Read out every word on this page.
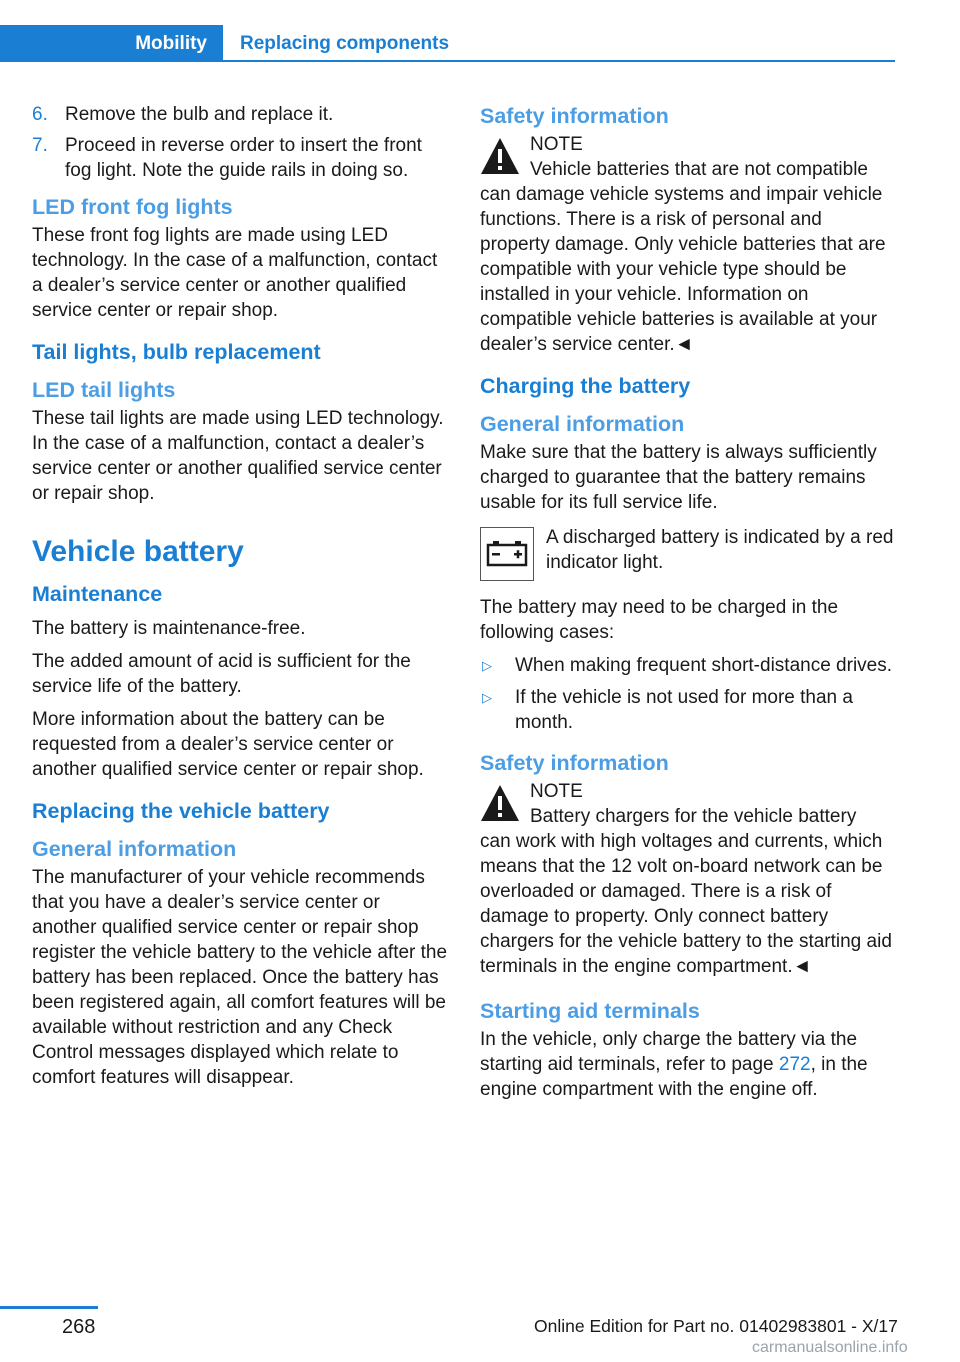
Mobility Replacing components
6. Remove the bulb and replace it.
7. Proceed in reverse order to insert the front fog light. Note the guide rails in doing so.
LED front fog lights

These front fog lights are made using LED technology. In the case of a malfunction, contact a dealer’s service center or another qualified service center or repair shop.

Tail lights, bulb replacement
LED tail lights

These tail lights are made using LED technology. In the case of a malfunction, contact a dealer’s service center or another qualified service center or repair shop.

Vehicle battery
Maintenance

The battery is maintenance-free.

The added amount of acid is sufficient for the service life of the battery.

More information about the battery can be requested from a dealer’s service center or another qualified service center or repair shop.

Replacing the vehicle battery
General information

The manufacturer of your vehicle recommends that you have a dealer’s service center or another qualified service center or repair shop register the vehicle battery to the vehicle after the battery has been replaced. Once the battery has been registered again, all comfort features will be available without restriction and any Check Control messages displayed which relate to comfort features will disappear.

Safety information
NOTE
Vehicle batteries that are not compatible

can damage vehicle systems and impair vehicle functions. There is a risk of personal and property damage. Only vehicle batteries that are compatible with your vehicle type should be installed in your vehicle. Information on compatible vehicle batteries is available at your dealer’s service center.◄

Charging the battery
General information

Make sure that the battery is always sufficiently charged to guarantee that the battery remains usable for its full service life.

A discharged battery is indicated by a red indicator light.

The battery may need to be charged in the following cases:

▷	When making frequent short-distance drives.
▷	If the vehicle is not used for more than a month.
Safety information
NOTE
Battery chargers for the vehicle battery

can work with high voltages and currents, which means that the 12 volt on-board network can be overloaded or damaged. There is a risk of damage to property. Only connect battery chargers for the vehicle battery to the starting aid terminals in the engine compartment.◄

Starting aid terminals

In the vehicle, only charge the battery via the starting aid terminals, refer to page 272, in the engine compartment with the engine off.

268	Online Edition for Part no. 01402983801 - X/17
carmanualsonline.info
